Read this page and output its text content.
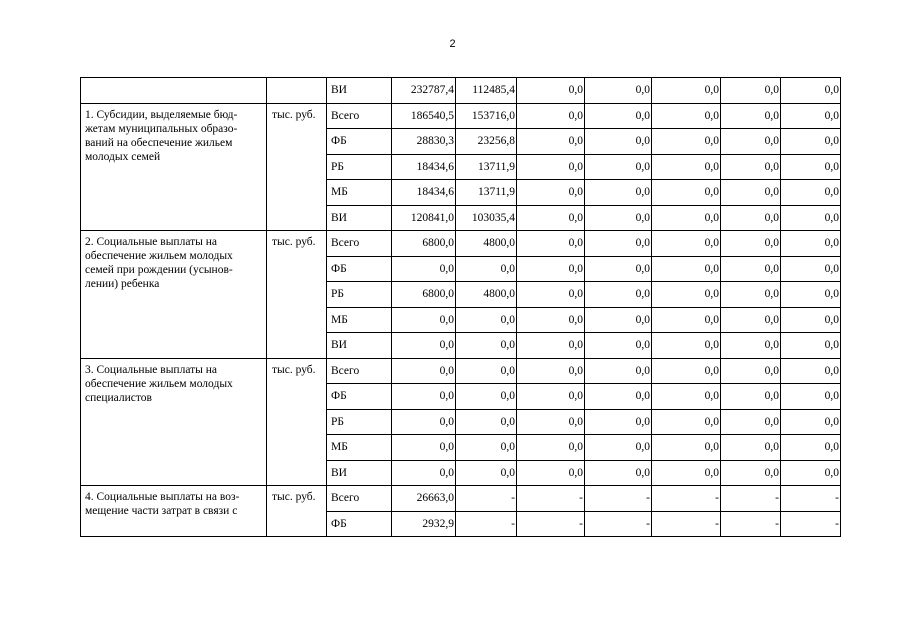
2
		ВИ	232787,4	112485,4	0,0	0,0	0,0	0,0	0,0
1. Субсидии, выделяемые бюд-жетам муниципальных образо-ваний на обеспечение жильем молодых семей	тыс. руб.	Всего	186540,5	153716,0	0,0	0,0	0,0	0,0	0,0
		ФБ	28830,3	23256,8	0,0	0,0	0,0	0,0	0,0
		РБ	18434,6	13711,9	0,0	0,0	0,0	0,0	0,0
		МБ	18434,6	13711,9	0,0	0,0	0,0	0,0	0,0
		ВИ	120841,0	103035,4	0,0	0,0	0,0	0,0	0,0
2. Социальные выплаты на обеспечение жильем молодых семей при рождении (усынов-лении) ребенка	тыс. руб.	Всего	6800,0	4800,0	0,0	0,0	0,0	0,0	0,0
		ФБ	0,0	0,0	0,0	0,0	0,0	0,0	0,0
		РБ	6800,0	4800,0	0,0	0,0	0,0	0,0	0,0
		МБ	0,0	0,0	0,0	0,0	0,0	0,0	0,0
		ВИ	0,0	0,0	0,0	0,0	0,0	0,0	0,0
3. Социальные выплаты на обеспечение жильем молодых специалистов	тыс. руб.	Всего	0,0	0,0	0,0	0,0	0,0	0,0	0,0
		ФБ	0,0	0,0	0,0	0,0	0,0	0,0	0,0
		РБ	0,0	0,0	0,0	0,0	0,0	0,0	0,0
		МБ	0,0	0,0	0,0	0,0	0,0	0,0	0,0
		ВИ	0,0	0,0	0,0	0,0	0,0	0,0	0,0
4. Социальные выплаты на воз-мещение части затрат в связи с	тыс. руб.	Всего	26663,0	-	-	-	-	-	-
		ФБ	2932,9	-	-	-	-	-	-
